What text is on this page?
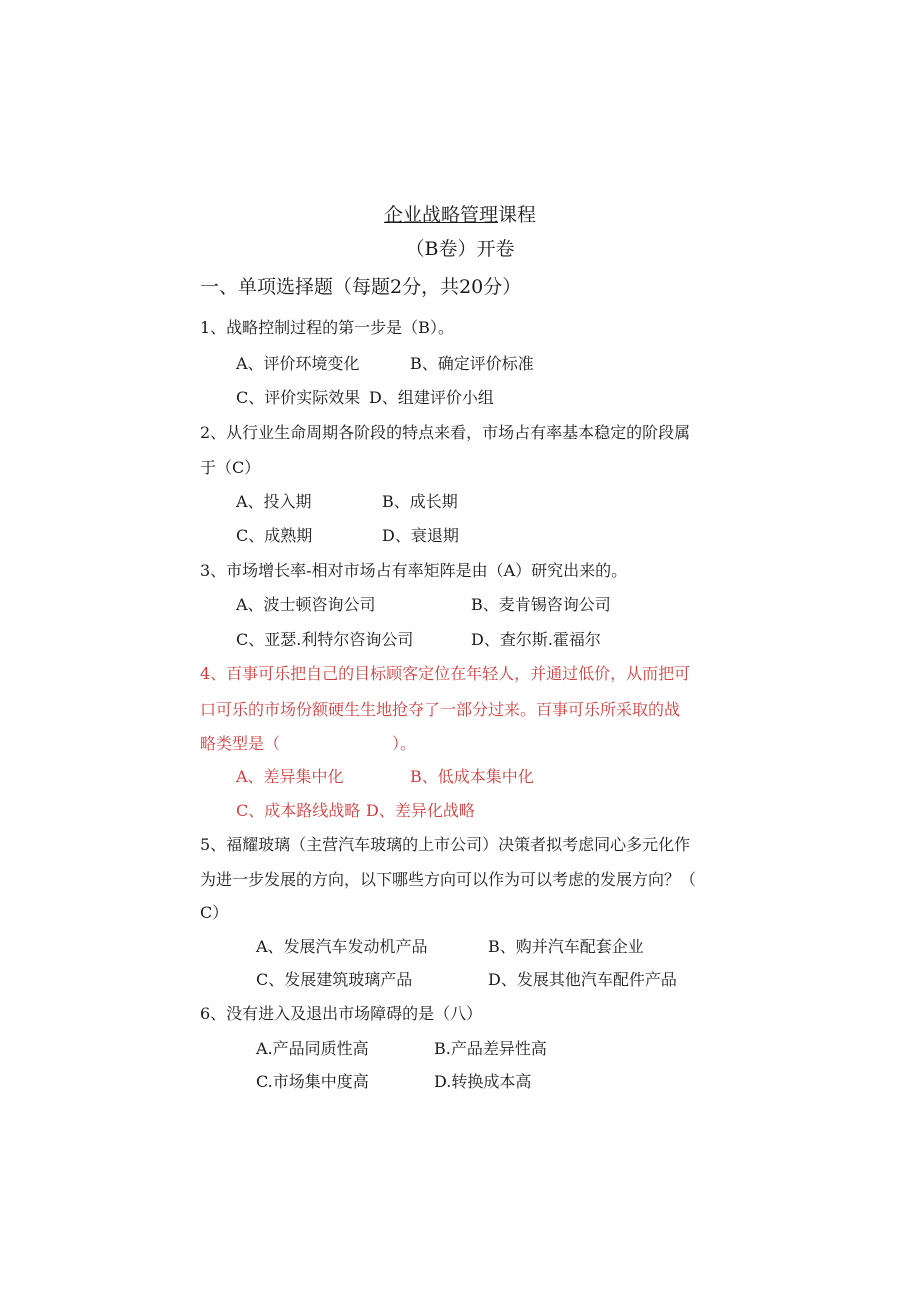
企业战略管理课程
（B卷）开卷
一、单项选择题（每题2分，共20分）
1、战略控制过程的第一步是（B）。
A、评价环境变化	B、确定评价标准
C、评价实际效果 D、组建评价小组
2、从行业生命周期各阶段的特点来看，市场占有率基本稳定的阶段属
于（C）
A、投入期	B、成长期
C、成熟期	D、衰退期
3、市场增长率-相对市场占有率矩阵是由（A）研究出来的。
A、波士顿咨询公司	B、麦肯锡咨询公司
C、亚瑟.利特尔咨询公司	D、查尔斯.霍福尔
4、百事可乐把自己的目标顾客定位在年轻人，并通过低价，从而把可
口可乐的市场份额硬生生地抢夺了一部分过来。百事可乐所采取的战
略类型是（　　　　　　　）。
A、差异集中化	B、低成本集中化
C、成本路线战略 D、差异化战略
5、福耀玻璃（主营汽车玻璃的上市公司）决策者拟考虑同心多元化作
为进一步发展的方向，以下哪些方向可以作为可以考虑的发展方向？（
C）
A、发展汽车发动机产品	B、购并汽车配套企业
C、发展建筑玻璃产品	D、发展其他汽车配件产品
6、没有进入及退出市场障碍的是（八）
A.产品同质性高	B.产品差异性高
C.市场集中度高	D.转换成本高
